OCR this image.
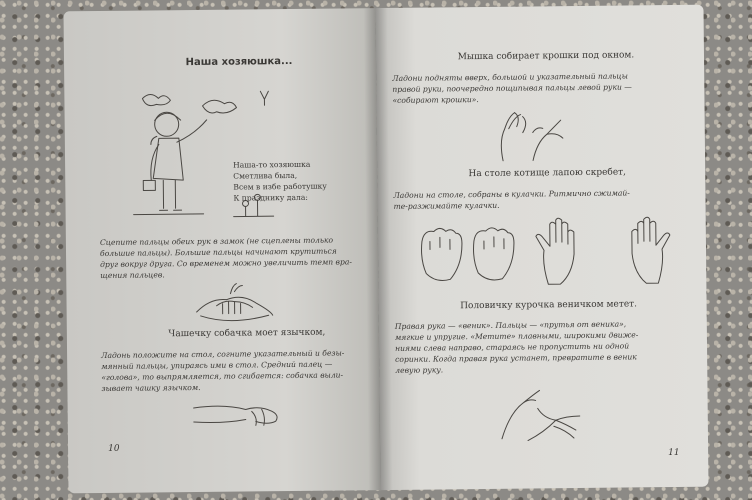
Наша хозяюшка...
Наша-то хозяюшка
Сметлива была,
Всем в избе работушку
К празднику дала:
Сцепите пальцы обеих рук в замок (не сцеплены только
большие пальцы). Большие пальцы начинают крутиться
друг вокруг друга. Со временем можно увеличить темп вра-
щения пальцев.
Чашечку собачка моет язычком,
Ладонь положите на стол, согните указательный и безы-
мянный пальцы, упираясь ими в стол. Средний палец —
«голова», то выпрямляется, то сгибается: собачка выли-
зывает чашку язычком.
10
Мышка собирает крошки под окном.
Ладони подняты вверх, большой и указательный пальцы
правой руки, поочередно пощипывая пальцы левой руки —
«собирают крошки».
На столе котище лапою скребет,
Ладони на столе, собраны в кулачки. Ритмично сжимай-
те-разжимайте кулачки.
Половичку курочка веничком метет.
Правая рука — «веник». Пальцы — «прутья от веника»,
мягкие и упругие. «Метите» плавными, широкими движе-
ниями слева направо, стараясь не пропустить ни одной
соринки. Когда правая рука устанет, превратите в веник
левую руку.
11
